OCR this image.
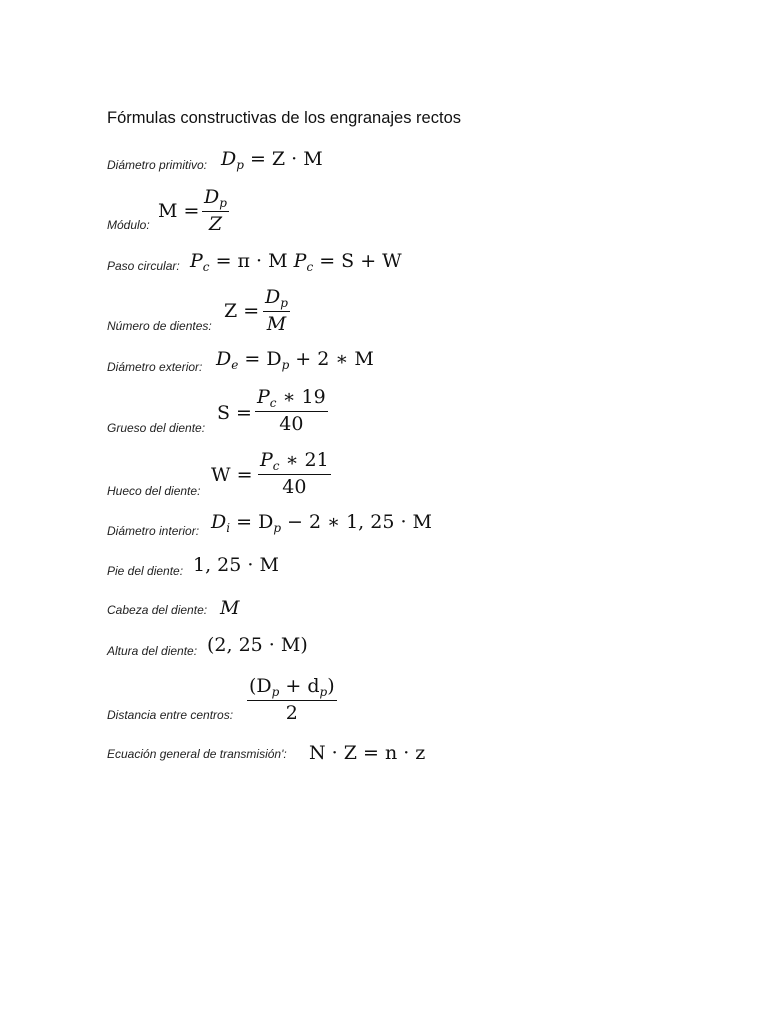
Fórmulas constructivas de los engranajes rectos
Diámetro primitivo: $D_p = Z \cdot M$
Módulo:
$M = \frac{D_p}{Z}$
Paso circular: $P_c = \pi \cdot M$ $P_c = S + W$
Número de dientes:
$Z = \frac{D_p}{M}$
Diámetro exterior: $D_e = D_p + 2$ ∗ M
Grueso del diente:
$S = \frac{P_c ∗ 19}{40}$
Hueco del diente:
$W = \frac{P_c ∗ 21}{40}$
Diámetro interior: $D_i = D_p - 2$ ∗ 1, 25 · M
Pie del diente: 1, 25 · M
Cabeza del diente: M
Altura del diente: (2, 25 · M)
Distancia entre centros: $\frac{(D_p + d_p)}{2}$
Ecuación general de transmisión': N · Z = n · z
